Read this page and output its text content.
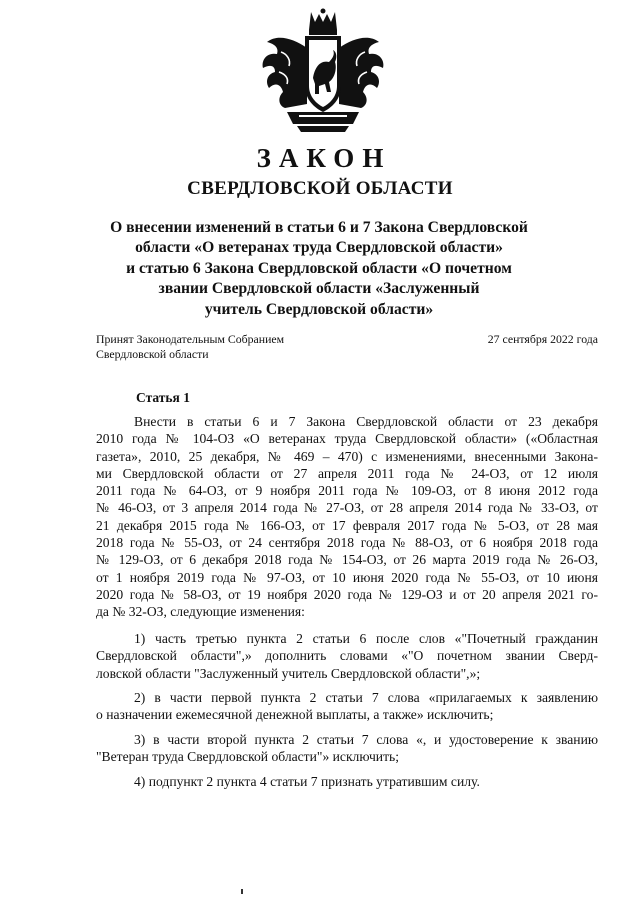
ЗАКОН
СВЕРДЛОВСКОЙ ОБЛАСТИ
О внесении изменений в статьи 6 и 7 Закона Свердловской
области «О ветеранах труда Свердловской области»
и статью 6 Закона Свердловской области «О почетном
звании Свердловской области «Заслуженный
учитель Свердловской области»
Принят Законодательным Собранием
Свердловской области
27 сентября 2022 года
Статья 1
Внести в статьи 6 и 7 Закона Свердловской области от 23 декабря
2010 года № 104-ОЗ «О ветеранах труда Свердловской области» («Областная
газета», 2010, 25 декабря, № 469 – 470) с изменениями, внесенными Закона-
ми Свердловской области от 27 апреля 2011 года № 24-ОЗ, от 12 июля
2011 года № 64-ОЗ, от 9 ноября 2011 года № 109-ОЗ, от 8 июня 2012 года
№ 46-ОЗ, от 3 апреля 2014 года № 27-ОЗ, от 28 апреля 2014 года № 33-ОЗ, от
21 декабря 2015 года № 166-ОЗ, от 17 февраля 2017 года № 5-ОЗ, от 28 мая
2018 года № 55-ОЗ, от 24 сентября 2018 года № 88-ОЗ, от 6 ноября 2018 года
№ 129-ОЗ, от 6 декабря 2018 года № 154-ОЗ, от 26 марта 2019 года № 26-ОЗ,
от 1 ноября 2019 года № 97-ОЗ, от 10 июня 2020 года № 55-ОЗ, от 10 июня
2020 года № 58-ОЗ, от 19 ноября 2020 года № 129-ОЗ и от 20 апреля 2021 го-
да № 32-ОЗ, следующие изменения:
1) часть третью пункта 2 статьи 6 после слов «"Почетный гражданин
Свердловской области",» дополнить словами «"О почетном звании Сверд-
ловской области "Заслуженный учитель Свердловской области",»;
2) в части первой пункта 2 статьи 7 слова «прилагаемых к заявлению
о назначении ежемесячной денежной выплаты, а также» исключить;
3) в части второй пункта 2 статьи 7 слова «, и удостоверение к званию
"Ветеран труда Свердловской области"» исключить;
4) подпункт 2 пункта 4 статьи 7 признать утратившим силу.
